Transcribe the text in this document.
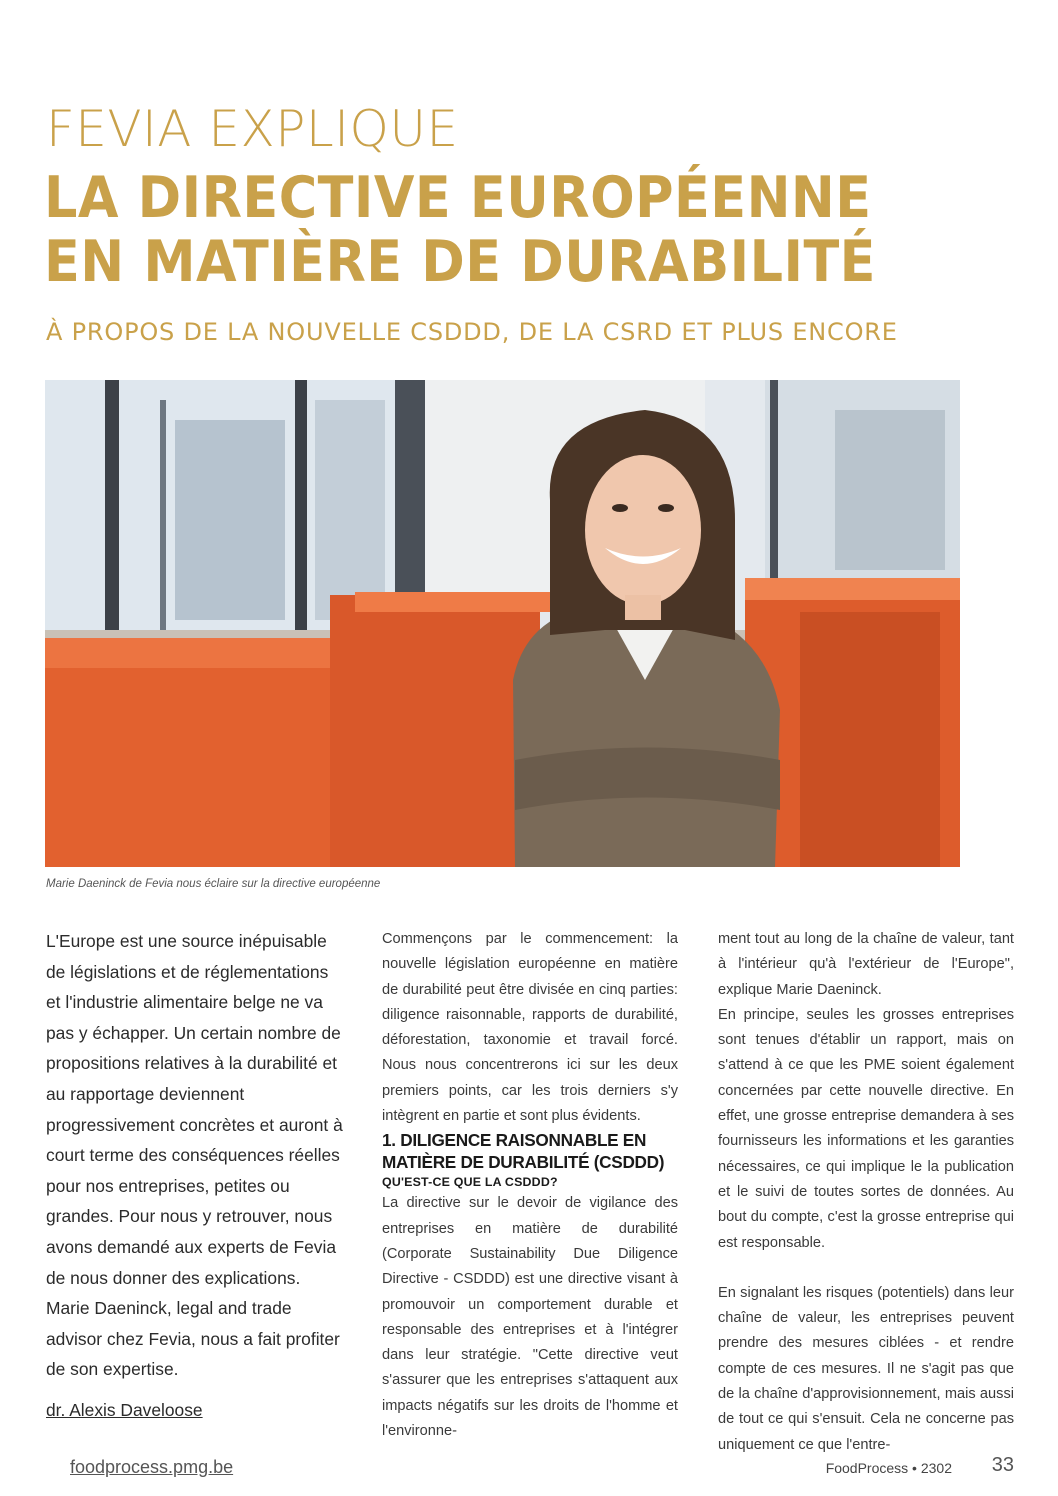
FEVIA EXPLIQUE
LA DIRECTIVE EUROPÉENNE
EN MATIÈRE DE DURABILITÉ
À PROPOS DE LA NOUVELLE CSDDD, DE LA CSRD ET PLUS ENCORE
Marie Daeninck de Fevia nous éclaire sur la directive européenne

L'Europe est une source inépuisable de législations et de réglementations et l'industrie alimentaire belge ne va pas y échapper. Un certain nombre de propositions relatives à la durabilité et au rapportage deviennent progressivement concrètes et auront à court terme des conséquences réelles pour nos entreprises, petites ou grandes. Pour nous y retrouver, nous avons demandé aux experts de Fevia de nous donner des explications. Marie Daeninck, legal and trade advisor chez Fevia, nous a fait profiter de son expertise.

dr. Alexis Daveloose

Commençons par le commencement: la nouvelle législation européenne en matière de durabilité peut être divisée en cinq parties: diligence raisonnable, rapports de durabilité, déforestation, taxonomie et travail forcé. Nous nous concentrerons ici sur les deux premiers points, car les trois derniers s'y intègrent en partie et sont plus évidents.

1. DILIGENCE RAISONNABLE EN MATIÈRE DE DURABILITÉ (CSDDD)

QU'EST-CE QUE LA CSDDD?

La directive sur le devoir de vigilance des entreprises en matière de durabilité (Corporate Sustainability Due Diligence Directive - CSDDD) est une directive visant à promouvoir un comportement durable et responsable des entreprises et à l'intégrer dans leur stratégie. "Cette directive veut s'assurer que les entreprises s'attaquent aux impacts négatifs sur les droits de l'homme et l'environne-

ment tout au long de la chaîne de valeur, tant à l'intérieur qu'à l'extérieur de l'Europe", explique Marie Daeninck.

En principe, seules les grosses entreprises sont tenues d'établir un rapport, mais on s'attend à ce que les PME soient également concernées par cette nouvelle directive. En effet, une grosse entreprise demandera à ses fournisseurs les informations et les garanties nécessaires, ce qui implique le la publication et le suivi de toutes sortes de données. Au bout du compte, c'est la grosse entreprise qui est responsable.

En signalant les risques (potentiels) dans leur chaîne de valeur, les entreprises peuvent prendre des mesures ciblées - et rendre compte de ces mesures. Il ne s'agit pas que de la chaîne d'approvisionnement, mais aussi de tout ce qui s'ensuit. Cela ne concerne pas uniquement ce que l'entre-

foodprocess.pmg.be	FoodProcess • 2302 33
